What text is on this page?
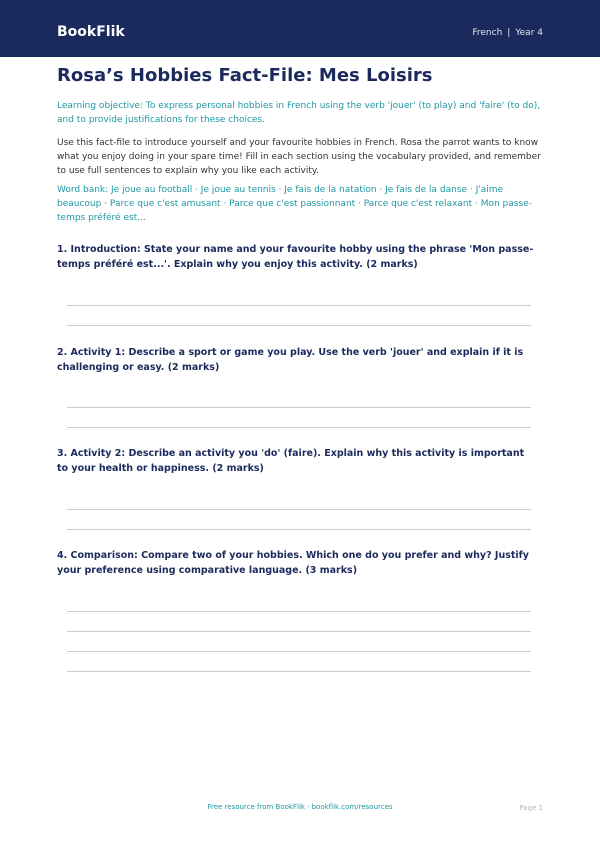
BookFlik	French | Year 4
Rosa’s Hobbies Fact-File: Mes Loisirs

Learning objective: To express personal hobbies in French using the verb 'jouer' (to play) and 'faire' (to do), and to provide justifications for these choices.

Use this fact-file to introduce yourself and your favourite hobbies in French. Rosa the parrot wants to know what you enjoy doing in your spare time! Fill in each section using the vocabulary provided, and remember to use full sentences to explain why you like each activity.

Word bank: Je joue au football · Je joue au tennis · Je fais de la natation · Je fais de la danse · J'aime beaucoup · Parce que c'est amusant · Parce que c'est passionnant · Parce que c'est relaxant · Mon passe-temps préféré est...

1. Introduction: State your name and your favourite hobby using the phrase 'Mon passe-temps préféré est...'. Explain why you enjoy this activity. (2 marks)

2. Activity 1: Describe a sport or game you play. Use the verb 'jouer' and explain if it is challenging or easy. (2 marks)

3. Activity 2: Describe an activity you 'do' (faire). Explain why this activity is important to your health or happiness. (2 marks)

4. Comparison: Compare two of your hobbies. Which one do you prefer and why? Justify your preference using comparative language. (3 marks)

Free resource from BookFlik · bookflik.com/resources	Page 1
